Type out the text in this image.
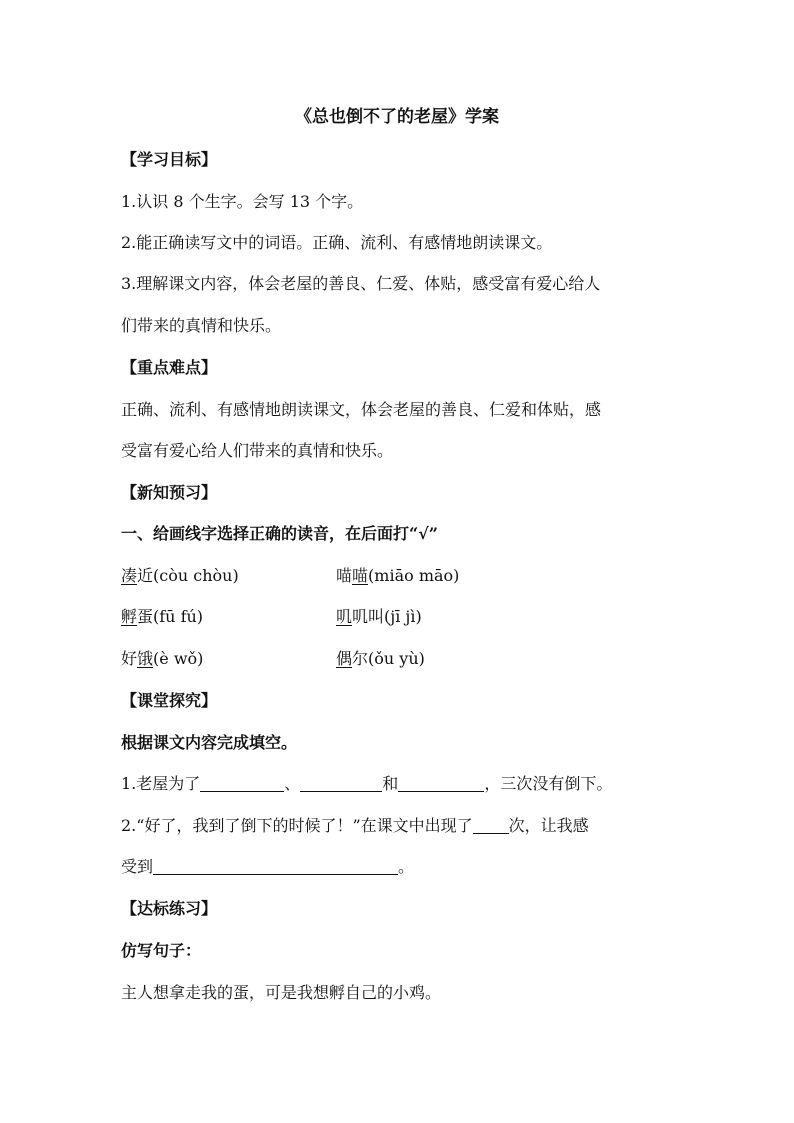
《总也倒不了的老屋》学案
【学习目标】
1.认识 8 个生字。会写 13 个字。
2.能正确读写文中的词语。正确、流利、有感情地朗读课文。
3.理解课文内容，体会老屋的善良、仁爱、体贴，感受富有爱心给人
们带来的真情和快乐。
【重点难点】
正确、流利、有感情地朗读课文，体会老屋的善良、仁爱和体贴，感
受富有爱心给人们带来的真情和快乐。
【新知预习】
一、给画线字选择正确的读音，在后面打“√”
凑近(còu chòu)	喵喵(miāo māo)
孵蛋(fū fú)	叽叽叫(jī jì)
好饿(è wǒ)	偶尔(ǒu yù)
【课堂探究】
根据课文内容完成填空。
1.老屋为了	、	和	，三次没有倒下。
2.“好了，我到了倒下的时候了！”在课文中出现了 次，让我感
受到	。
【达标练习】
仿写句子：
主人想拿走我的蛋，可是我想孵自己的小鸡。
